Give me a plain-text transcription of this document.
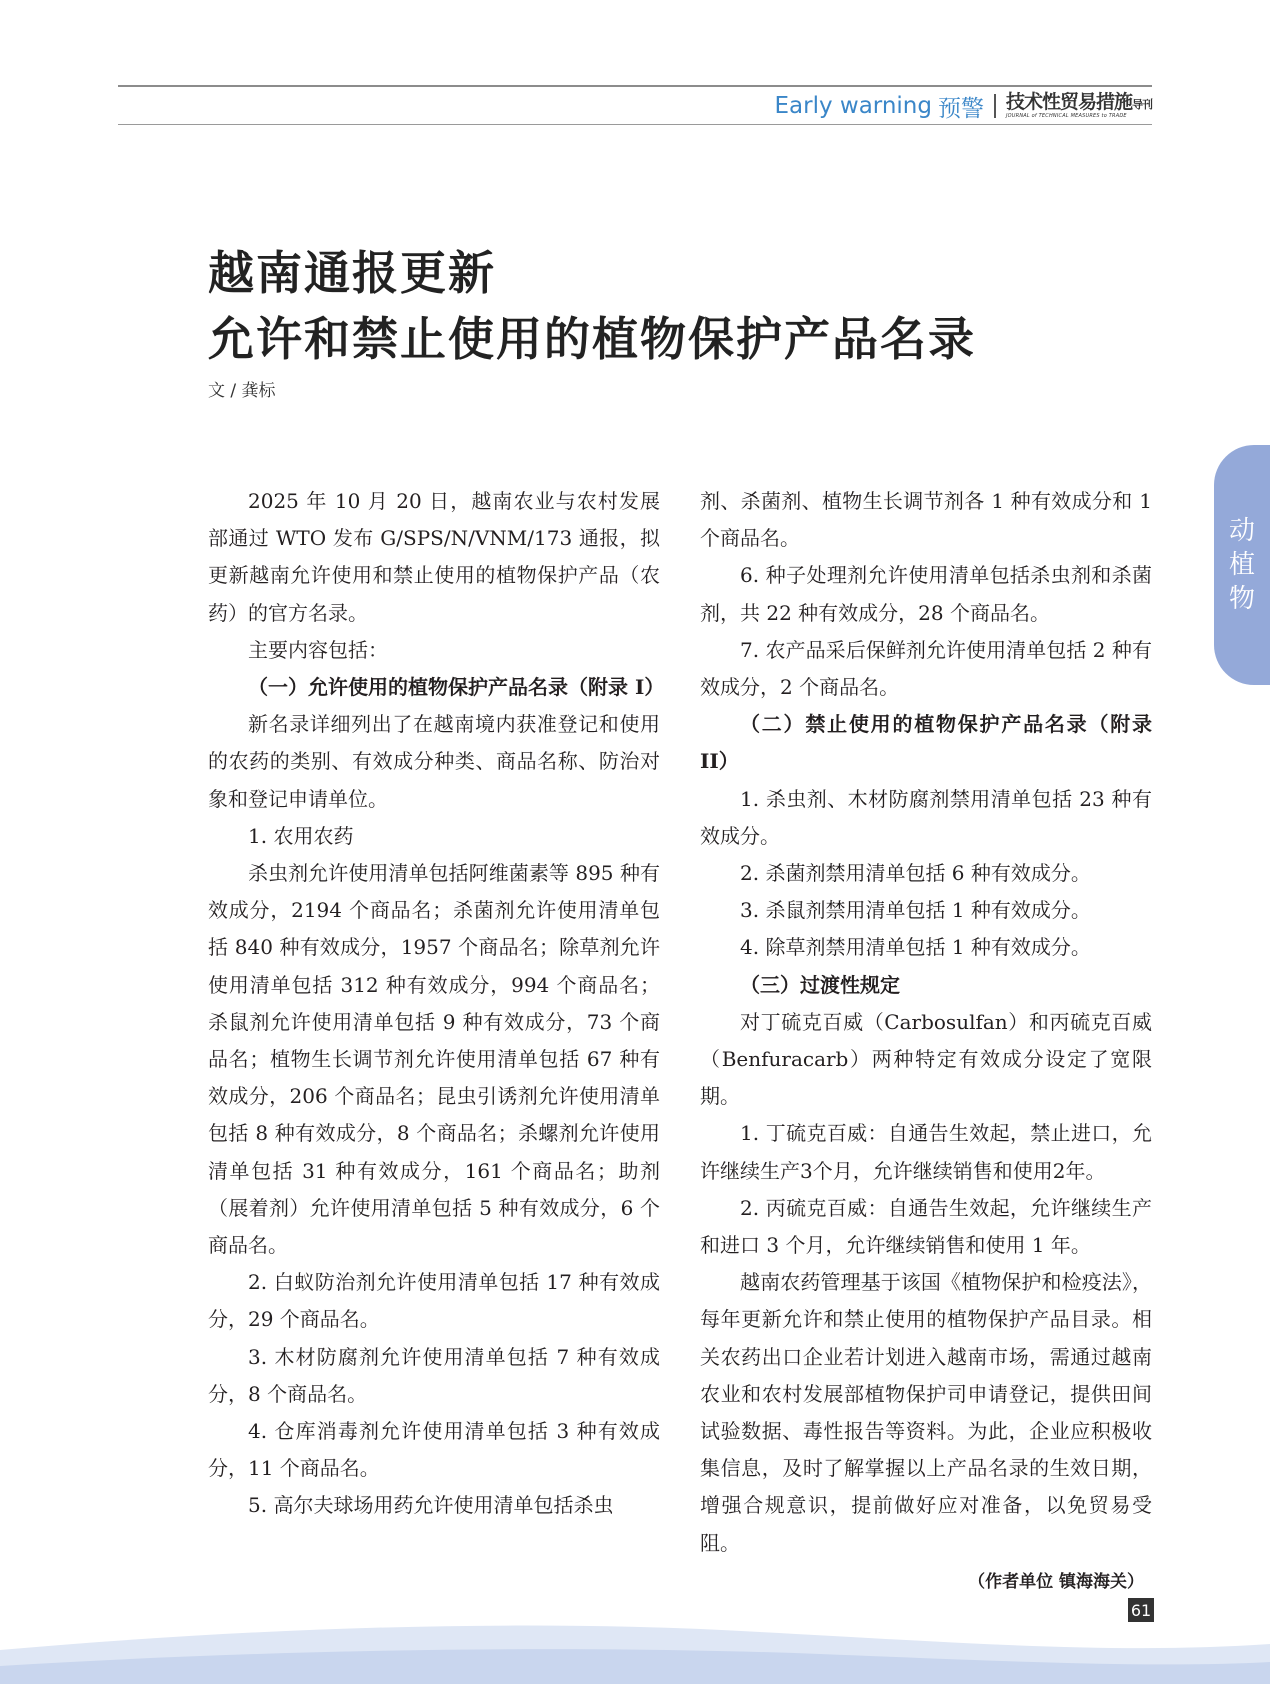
Early warning 预警 技术性贸易措施导刊
JOURNAL of TECHNICAL MEASURES to TRADE
越南通报更新
允许和禁止使用的植物保护产品名录
文 / 龚标
动
植
物

2025 年 10 月 20 日，越南农业与农村发展部通过 WTO 发布 G/SPS/N/VNM/173 通报，拟更新越南允许使用和禁止使用的植物保护产品（农药）的官方名录。

主要内容包括：

（一）允许使用的植物保护产品名录（附录 I）

新名录详细列出了在越南境内获准登记和使用的农药的类别、有效成分种类、商品名称、防治对象和登记申请单位。

1. 农用农药

杀虫剂允许使用清单包括阿维菌素等 895 种有效成分，2194 个商品名；杀菌剂允许使用清单包括 840 种有效成分，1957 个商品名；除草剂允许使用清单包括 312 种有效成分，994 个商品名；杀鼠剂允许使用清单包括 9 种有效成分，73 个商品名；植物生长调节剂允许使用清单包括 67 种有效成分，206 个商品名；昆虫引诱剂允许使用清单包括 8 种有效成分，8 个商品名；杀螺剂允许使用清单包括 31 种有效成分，161 个商品名；助剂（展着剂）允许使用清单包括 5 种有效成分，6 个商品名。

2. 白蚁防治剂允许使用清单包括 17 种有效成分，29 个商品名。

3. 木材防腐剂允许使用清单包括 7 种有效成分，8 个商品名。

4. 仓库消毒剂允许使用清单包括 3 种有效成分，11 个商品名。

5. 高尔夫球场用药允许使用清单包括杀虫

剂、杀菌剂、植物生长调节剂各 1 种有效成分和 1 个商品名。

6. 种子处理剂允许使用清单包括杀虫剂和杀菌剂，共 22 种有效成分，28 个商品名。

7. 农产品采后保鲜剂允许使用清单包括 2 种有效成分，2 个商品名。

（二）禁止使用的植物保护产品名录（附录 II）

1. 杀虫剂、木材防腐剂禁用清单包括 23 种有效成分。

2. 杀菌剂禁用清单包括 6 种有效成分。

3. 杀鼠剂禁用清单包括 1 种有效成分。

4. 除草剂禁用清单包括 1 种有效成分。

（三）过渡性规定

对丁硫克百威（Carbosulfan）和丙硫克百威（Benfuracarb）两种特定有效成分设定了宽限期。

1. 丁硫克百威：自通告生效起，禁止进口，允许继续生产3个月，允许继续销售和使用2年。

2. 丙硫克百威：自通告生效起，允许继续生产和进口 3 个月，允许继续销售和使用 1 年。

越南农药管理基于该国《植物保护和检疫法》，每年更新允许和禁止使用的植物保护产品目录。相关农药出口企业若计划进入越南市场，需通过越南农业和农村发展部植物保护司申请登记，提供田间试验数据、毒性报告等资料。为此，企业应积极收集信息，及时了解掌握以上产品名录的生效日期，增强合规意识，提前做好应对准备，以免贸易受阻。

（作者单位 镇海海关）
61
